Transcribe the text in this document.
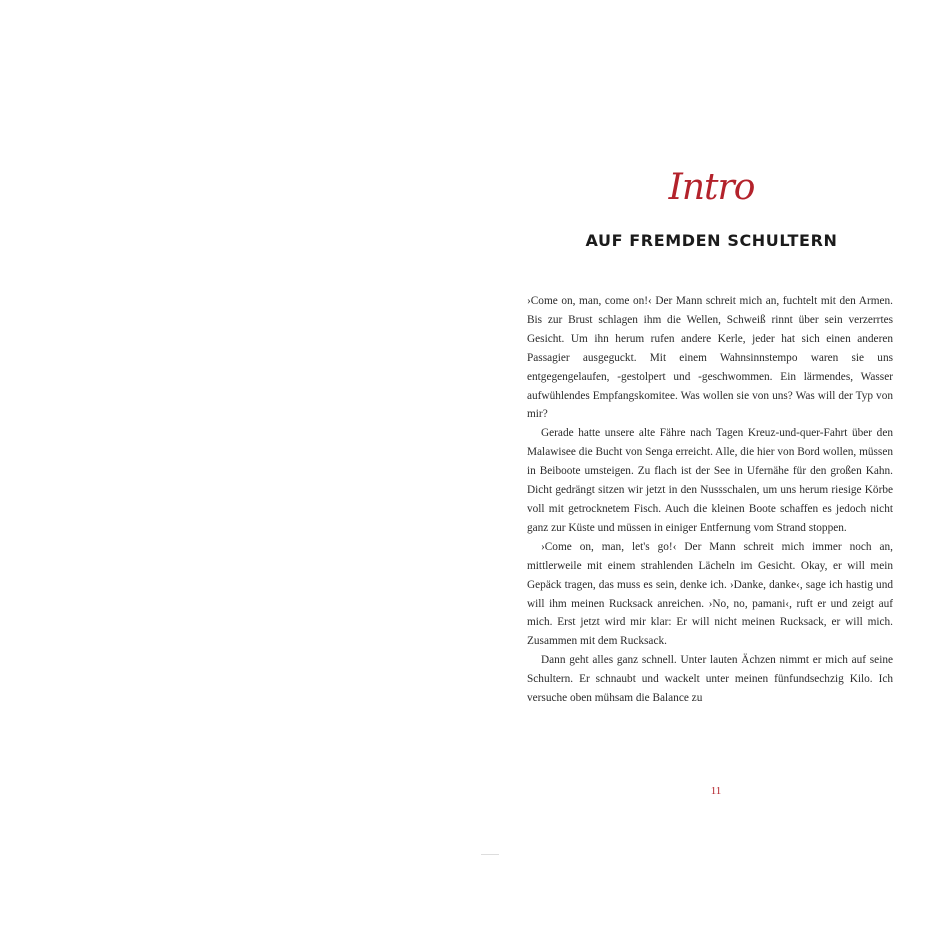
Intro
AUF FREMDEN SCHULTERN

›Come on, man, come on!‹ Der Mann schreit mich an, fuchtelt mit den Armen. Bis zur Brust schlagen ihm die Wellen, Schweiß rinnt über sein verzerrtes Gesicht. Um ihn herum rufen andere Kerle, jeder hat sich einen anderen Passagier ausgeguckt. Mit einem Wahnsinnstempo waren sie uns entgegengelaufen, -gestolpert und -geschwommen. Ein lärmendes, Wasser aufwühlendes Empfangskomitee. Was wollen sie von uns? Was will der Typ von mir?

Gerade hatte unsere alte Fähre nach Tagen Kreuz-und-quer-Fahrt über den Malawisee die Bucht von Senga erreicht. Alle, die hier von Bord wollen, müssen in Beiboote umsteigen. Zu flach ist der See in Ufernähe für den großen Kahn. Dicht gedrängt sitzen wir jetzt in den Nussschalen, um uns herum riesige Körbe voll mit getrocknetem Fisch. Auch die kleinen Boote schaffen es jedoch nicht ganz zur Küste und müssen in einiger Entfernung vom Strand stoppen.

›Come on, man, let's go!‹ Der Mann schreit mich immer noch an, mittlerweile mit einem strahlenden Lächeln im Gesicht. Okay, er will mein Gepäck tragen, das muss es sein, denke ich. ›Danke, danke‹, sage ich hastig und will ihm meinen Rucksack anreichen. ›No, no, pamani‹, ruft er und zeigt auf mich. Erst jetzt wird mir klar: Er will nicht meinen Rucksack, er will mich. Zusammen mit dem Rucksack.

Dann geht alles ganz schnell. Unter lauten Ächzen nimmt er mich auf seine Schultern. Er schnaubt und wackelt unter meinen fünfundsechzig Kilo. Ich versuche oben mühsam die Balance zu

11
